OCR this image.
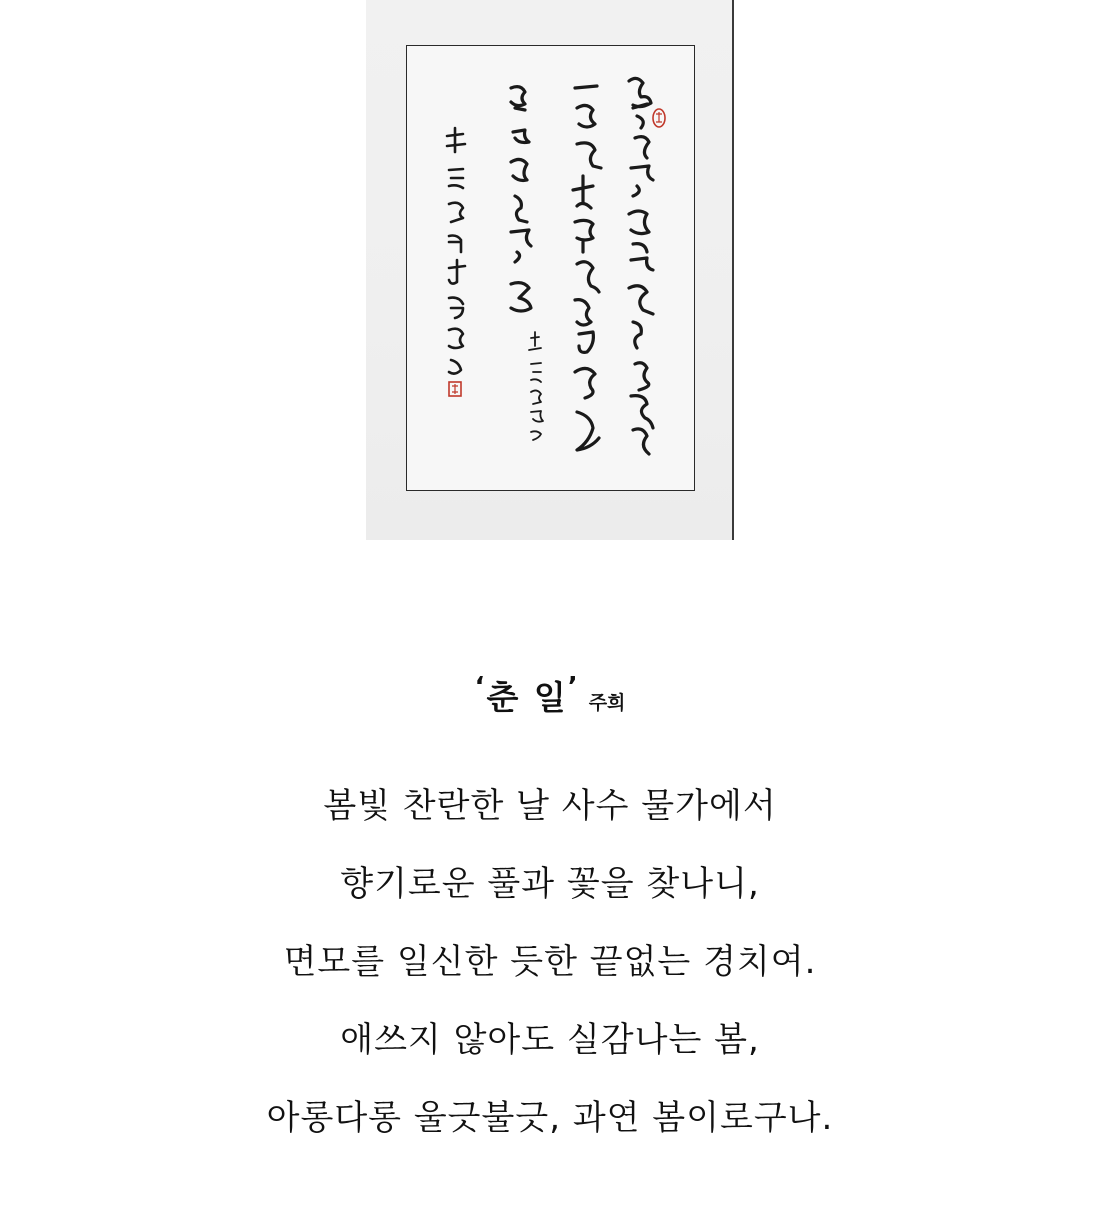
‘춘 일’ 주희
봄빛 찬란한 날 사수 물가에서
향기로운 풀과 꽃을 찾나니,
면모를 일신한 듯한 끝없는 경치여.
애쓰지 않아도 실감나는 봄,
아롱다롱 울긋불긋, 과연 봄이로구나.
